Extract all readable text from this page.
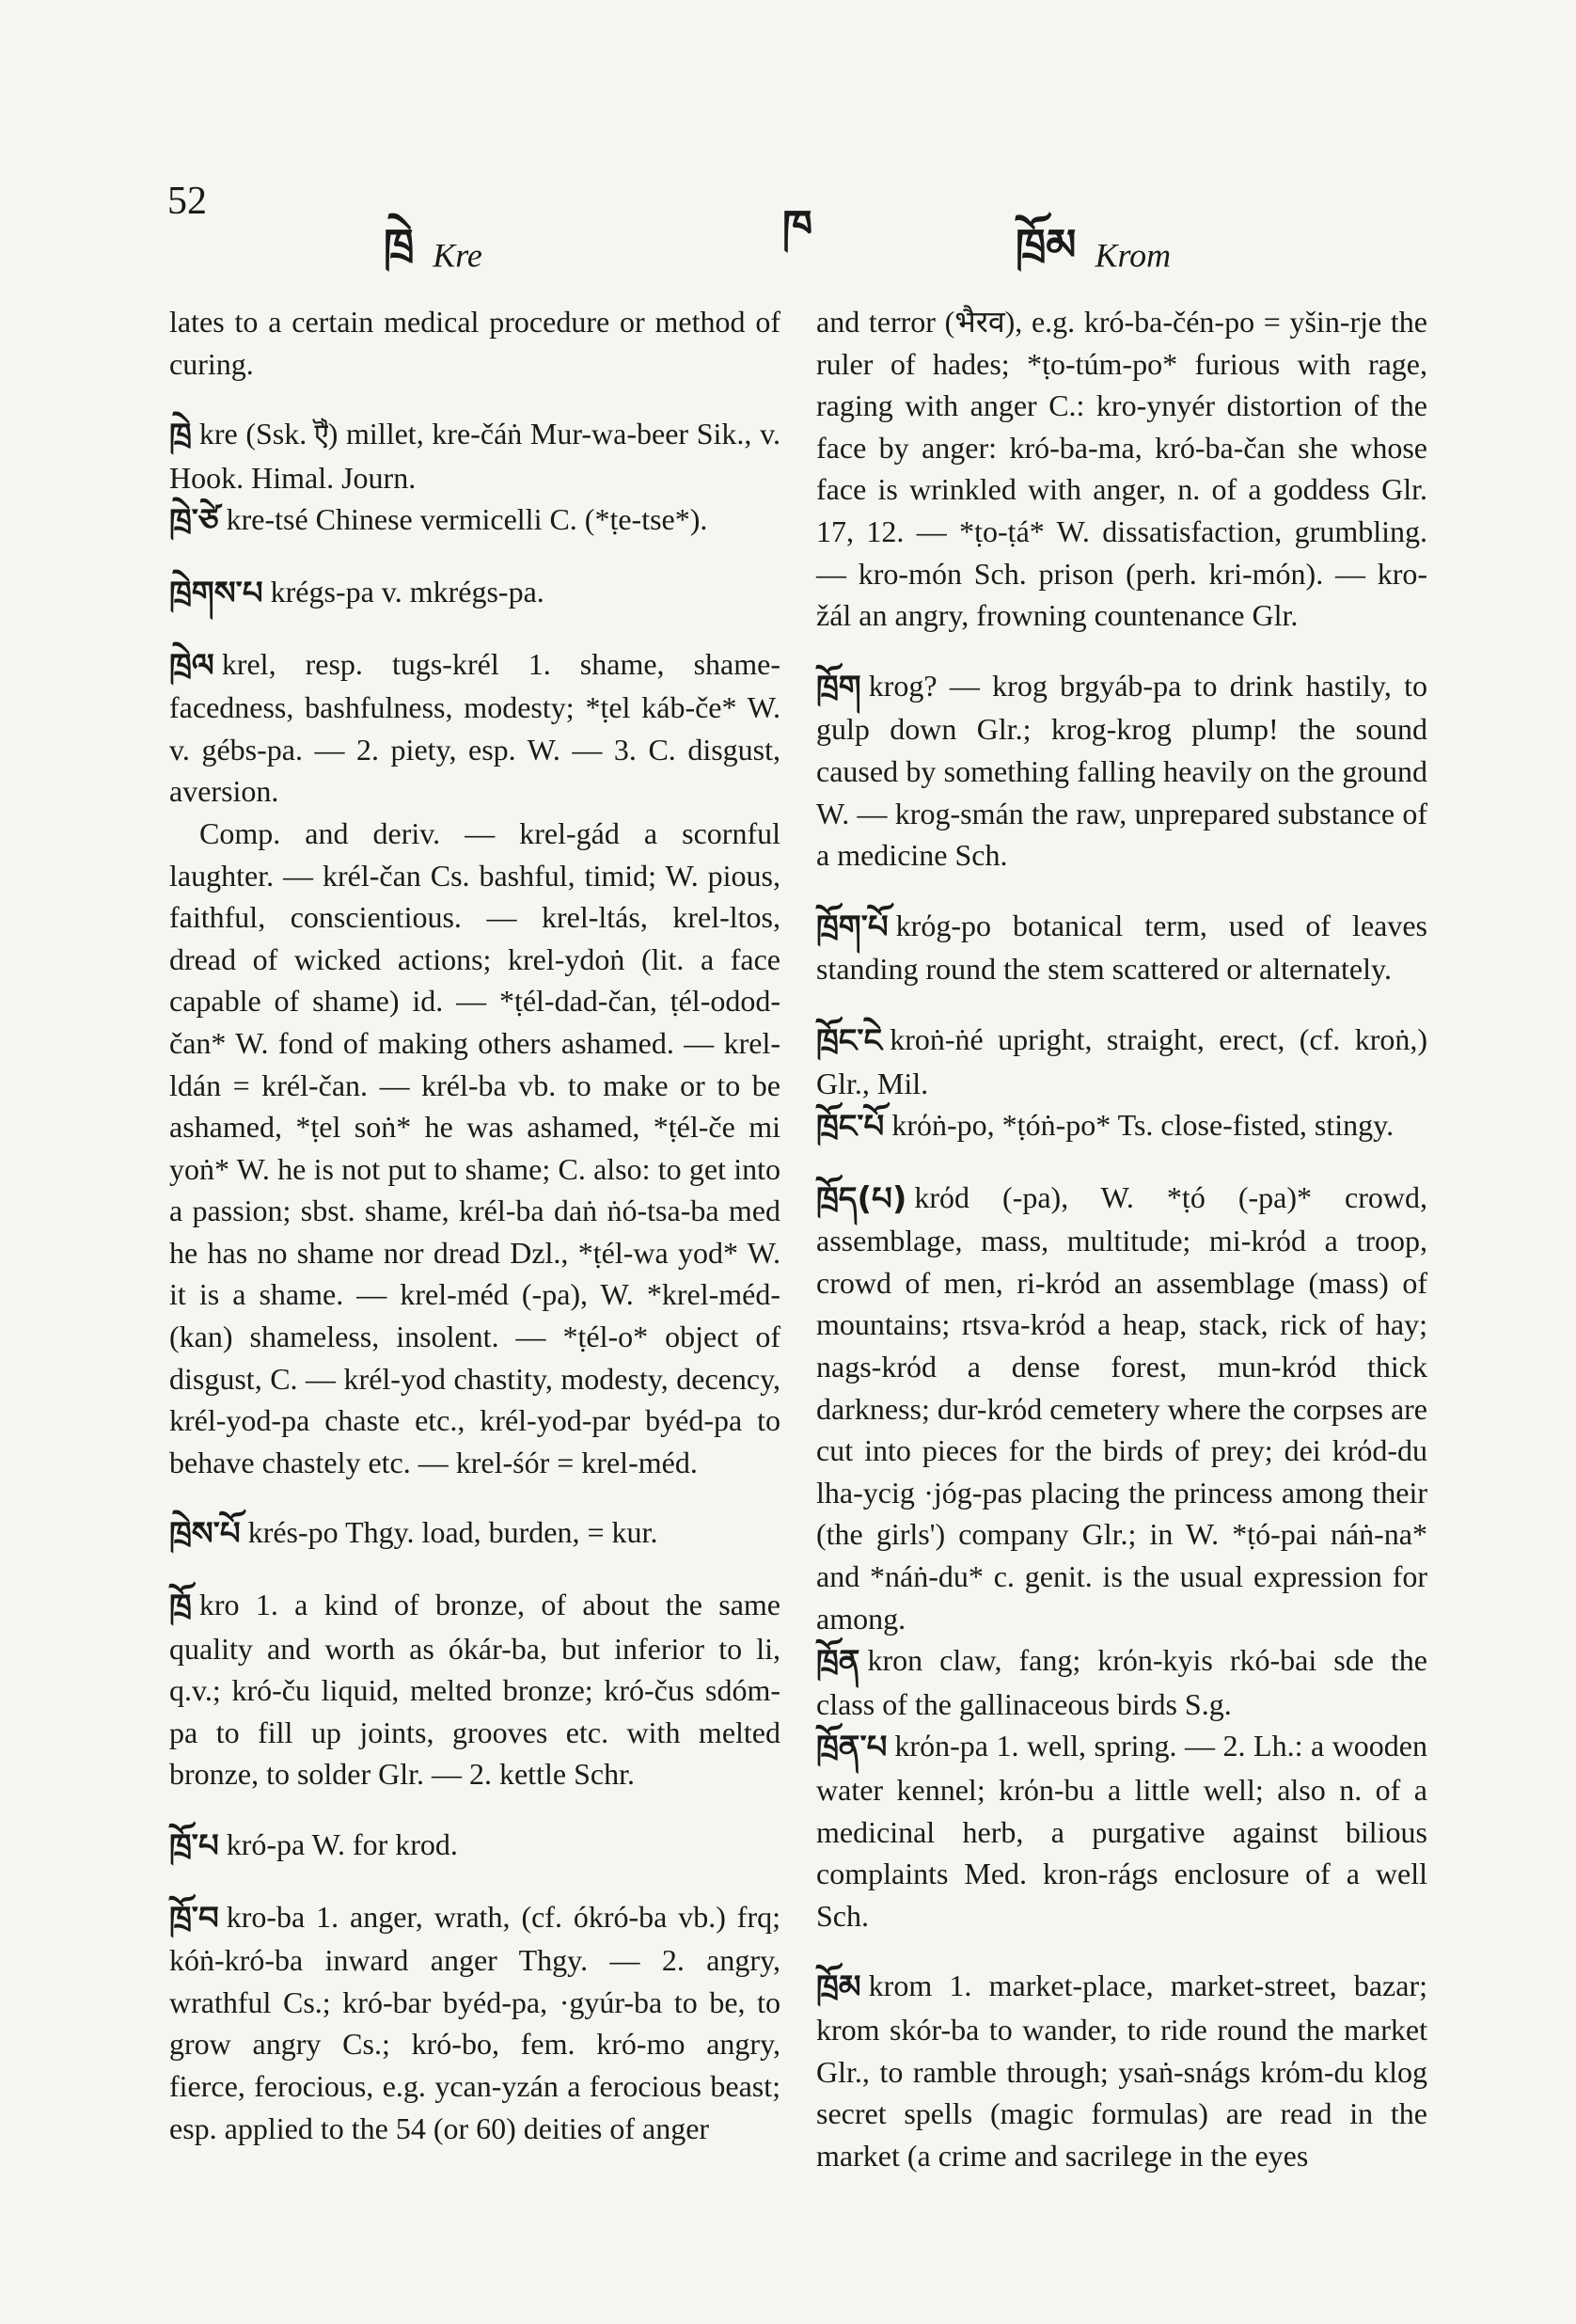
52
ཁྲེ Kre
ཁ	ཁྲོམ Krom

lates to a certain medical procedure or method of curing.

ཁྲེ kre (Ssk. ꣾ) millet, kre-čáṅ Mur-wa-beer Sik., v. Hook. Himal. Journ.

ཁྲེ་ཙེ kre-tsé Chinese vermicelli C. (*ṭe-tse*).

ཁྲེགས་པ krégs-pa v. mkrégs-pa.

ཁྲེལ krel, resp. tugs-krél 1. shame, shame-facedness, bashfulness, modesty; *ṭel káb-če* W. v. gébs-pa. — 2. piety, esp. W. — 3. C. disgust, aversion.

Comp. and deriv. — krel-gád a scornful laughter. — krél-čan Cs. bashful, timid; W. pious, faithful, conscientious. — krel-ltás, krel-ltos, dread of wicked actions; krel-ydoṅ (lit. a face capable of shame) id. — *ṭél-dad-čan, ṭél-odod-čan* W. fond of making others ashamed. — krel-ldán = krél-čan. — krél-ba vb. to make or to be ashamed, *ṭel soṅ* he was ashamed, *ṭél-če mi yoṅ* W. he is not put to shame; C. also: to get into a passion; sbst. shame, krél-ba daṅ ṅó-tsa-ba med he has no shame nor dread Dzl., *ṭél-wa yod* W. it is a shame. — krel-méd (-pa), W. *krel-méd-(kan) shameless, insolent. — *ṭél-o* object of disgust, C. — krél-yod chastity, modesty, decency, krél-yod-pa chaste etc., krél-yod-par byéd-pa to behave chastely etc. — krel-śór = krel-méd.

ཁྲེས་པོ krés-po Thgy. load, burden, = kur.

ཁྲོ kro 1. a kind of bronze, of about the same quality and worth as ókár-ba, but inferior to li, q.v.; kró-ču liquid, melted bronze; kró-čus sdóm-pa to fill up joints, grooves etc. with melted bronze, to solder Glr. — 2. kettle Schr.

ཁྲོ་པ kró-pa W. for krod.

ཁྲོ་བ kro-ba 1. anger, wrath, (cf. ókró-ba vb.) frq; kóṅ-kró-ba inward anger Thgy. — 2. angry, wrathful Cs.; kró-bar byéd-pa, ·gyúr-ba to be, to grow angry Cs.; kró-bo, fem. kró-mo angry, fierce, ferocious, e.g. ycan-yzán a ferocious beast; esp. applied to the 54 (or 60) deities of anger

and terror (भैरव), e.g. kró-ba-čén-po = yšin-rje the ruler of hades; *ṭo-túm-po* furious with rage, raging with anger C.: kro-ynyér distortion of the face by anger: kró-ba-ma, kró-ba-čan she whose face is wrinkled with anger, n. of a goddess Glr. 17, 12. — *ṭo-ṭá* W. dissatisfaction, grumbling. — kro-món Sch. prison (perh. kri-món). — kro-žál an angry, frowning countenance Glr.

ཁྲོག krog? — krog brgyáb-pa to drink hastily, to gulp down Glr.; krog-krog plump! the sound caused by something falling heavily on the ground W. — krog-smán the raw, unprepared substance of a medicine Sch.

ཁྲོག་པོ krόg-po botanical term, used of leaves standing round the stem scattered or alternately.

ཁྲོང་ངེ kroṅ-ṅé upright, straight, erect, (cf. kroṅ,) Glr., Mil.

ཁྲོང་པོ krόṅ-po, *ṭóṅ-po* Ts. close-fisted, stingy.

ཁྲོད(པ) krόd (-pa), W. *ṭó (-pa)* crowd, assemblage, mass, multitude; mi-krόd a troop, crowd of men, ri-krόd an assemblage (mass) of mountains; rtsva-krόd a heap, stack, rick of hay; nags-krόd a dense forest, mun-krόd thick darkness; dur-krόd cemetery where the corpses are cut into pieces for the birds of prey; dei krόd-du lha-ycig ·jóg-pas placing the princess among their (the girls') company Glr.; in W. *ṭó-pai náṅ-na* and *náṅ-du* c. genit. is the usual expression for among.

ཁྲོན kron claw, fang; krόn-kyis rkó-bai sde the class of the gallinaceous birds S.g.

ཁྲོན་པ krόn-pa 1. well, spring. — 2. Lh.: a wooden water kennel; krόn-bu a little well; also n. of a medicinal herb, a purgative against bilious complaints Med. kron-rágs enclosure of a well Sch.

ཁྲོམ krom 1. market-place, market-street, bazar; krom skór-ba to wander, to ride round the market Glr., to ramble through; ysaṅ-snágs krόm-du klog secret spells (magic formulas) are read in the market (a crime and sacrilege in the eyes
